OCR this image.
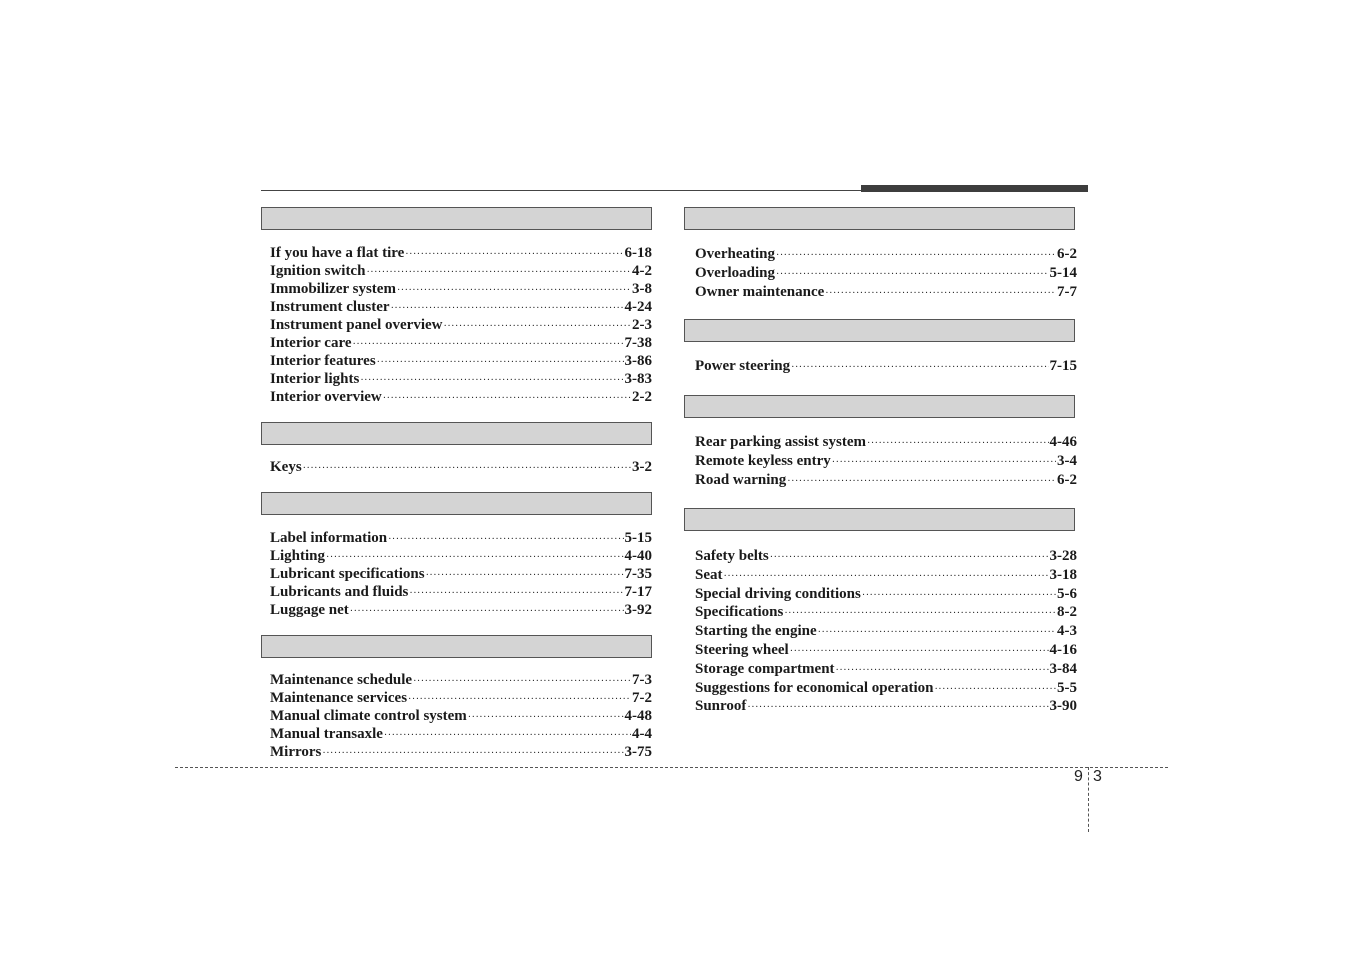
If you have a flat tire ·····	6-18
Ignition switch ·····	4-2
Immobilizer system ·····	3-8
Instrument cluster ·····	4-24
Instrument panel overview ·····	2-3
Interior care ·····	7-38
Interior features ·····	3-86
Interior lights ·····	3-83
Interior overview ·····	2-2
Keys ·····	3-2
Label information ·····	5-15
Lighting ·····	4-40
Lubricant specifications ·····	7-35
Lubricants and fluids ·····	7-17
Luggage net ·····	3-92
Maintenance schedule ·····	7-3
Maintenance services ·····	7-2
Manual climate control system ·····	4-48
Manual transaxle ·····	4-4
Mirrors ·····	3-75
Overheating ·····	6-2
Overloading ·····	5-14
Owner maintenance ·····	7-7
Power steering ·····	7-15
Rear parking assist system ·····	4-46
Remote keyless entry ·····	3-4
Road warning ·····	6-2
Safety belts ·····	3-28
Seat ·····	3-18
Special driving conditions ·····	5-6
Specifications ·····	8-2
Starting the engine ·····	4-3
Steering wheel ·····	4-16
Storage compartment ·····	3-84
Suggestions for economical operation ·····	5-5
Sunroof ·····	3-90
9 3
